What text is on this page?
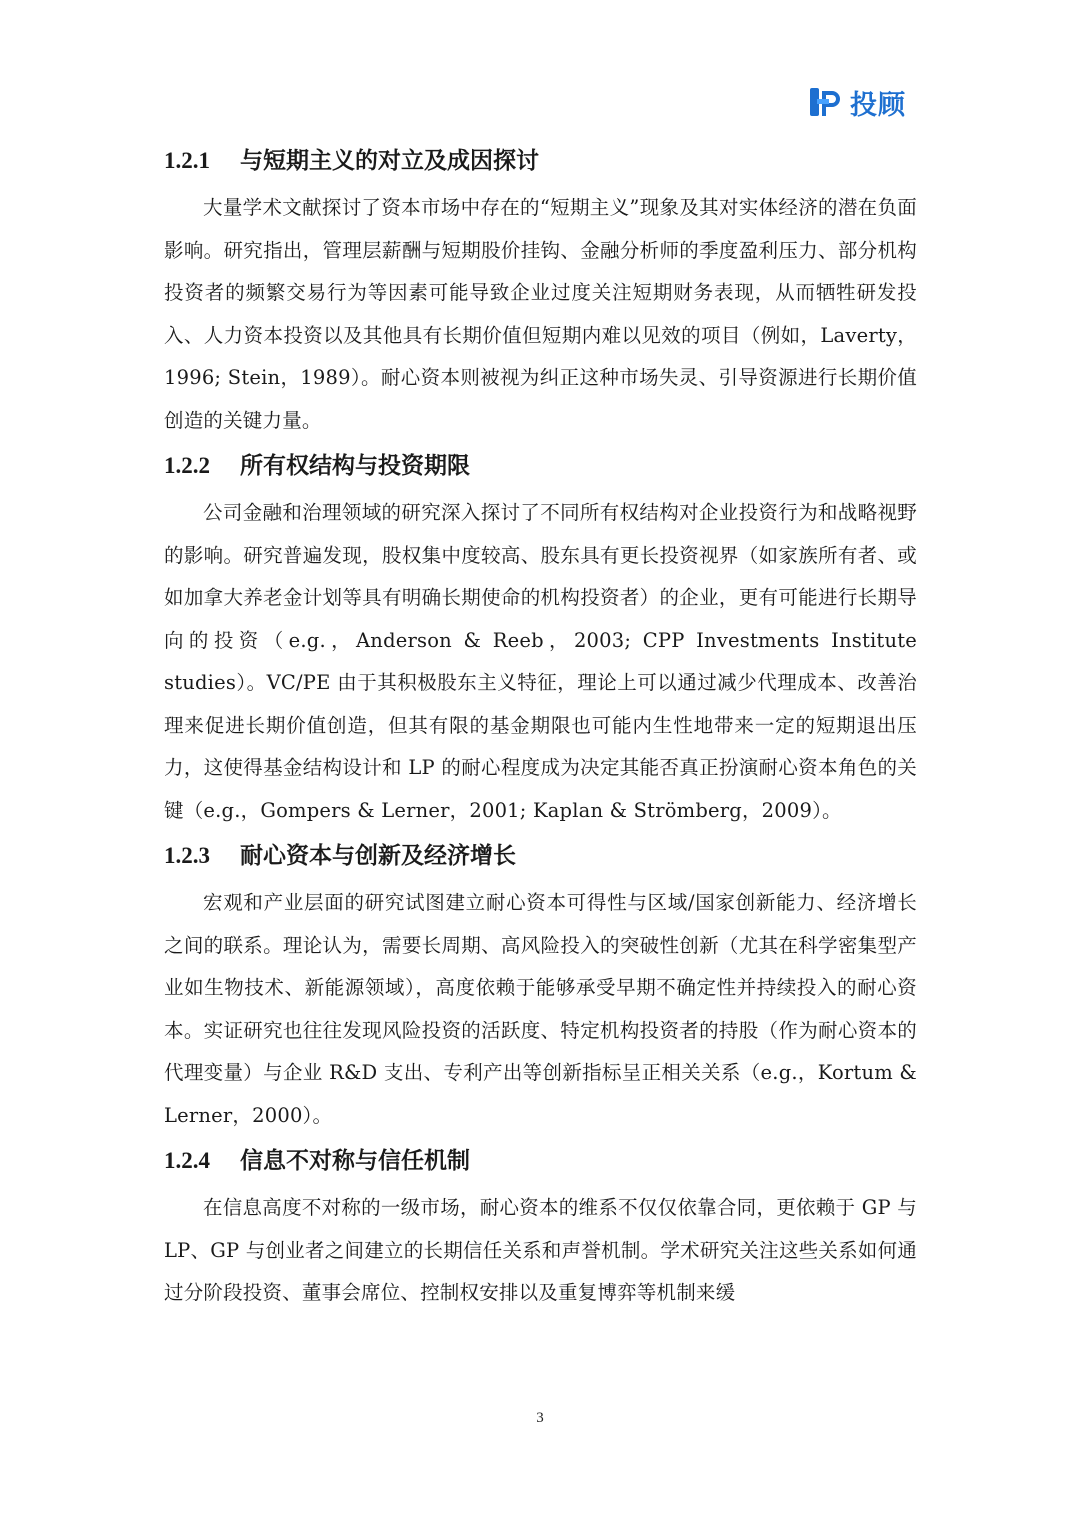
投顾
1.2.1 与短期主义的对立及成因探讨

大量学术文献探讨了资本市场中存在的“短期主义”现象及其对实体经济的潜在负面影响。研究指出，管理层薪酬与短期股价挂钩、金融分析师的季度盈利压力、部分机构投资者的频繁交易行为等因素可能导致企业过度关注短期财务表现，从而牺牲研发投入、人力资本投资以及其他具有长期价值但短期内难以见效的项目（例如，Laverty，1996; Stein，1989）。耐心资本则被视为纠正这种市场失灵、引导资源进行长期价值创造的关键力量。

1.2.2 所有权结构与投资期限

公司金融和治理领域的研究深入探讨了不同所有权结构对企业投资行为和战略视野的影响。研究普遍发现，股权集中度较高、股东具有更长投资视界（如家族所有者、或如加拿大养老金计划等具有明确长期使命的机构投资者）的企业，更有可能进行长期导向的投资（e.g.，Anderson & Reeb，2003; CPP Investments Institute studies）。VC/PE 由于其积极股东主义特征，理论上可以通过减少代理成本、改善治理来促进长期价值创造，但其有限的基金期限也可能内生性地带来一定的短期退出压力，这使得基金结构设计和 LP 的耐心程度成为决定其能否真正扮演耐心资本角色的关键（e.g.，Gompers & Lerner，2001; Kaplan & Strömberg，2009）。

1.2.3 耐心资本与创新及经济增长

宏观和产业层面的研究试图建立耐心资本可得性与区域/国家创新能力、经济增长之间的联系。理论认为，需要长周期、高风险投入的突破性创新（尤其在科学密集型产业如生物技术、新能源领域），高度依赖于能够承受早期不确定性并持续投入的耐心资本。实证研究也往往发现风险投资的活跃度、特定机构投资者的持股（作为耐心资本的代理变量）与企业 R&D 支出、专利产出等创新指标呈正相关关系（e.g.，Kortum & Lerner，2000）。

1.2.4 信息不对称与信任机制

在信息高度不对称的一级市场，耐心资本的维系不仅仅依靠合同，更依赖于 GP 与 LP、GP 与创业者之间建立的长期信任关系和声誉机制。学术研究关注这些关系如何通过分阶段投资、董事会席位、控制权安排以及重复博弈等机制来缓

3
